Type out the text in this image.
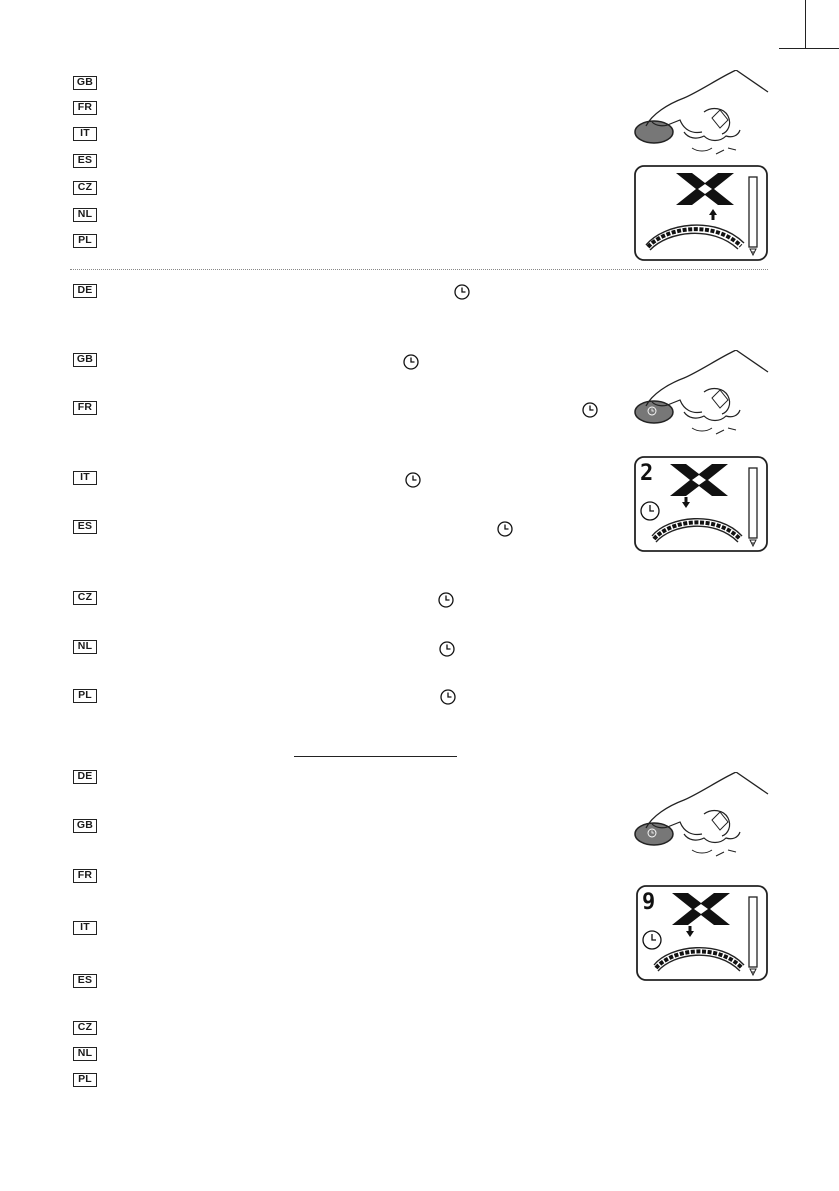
GB
FR
IT
ES
CZ
NL
PL
DE
GB
FR
IT
ES
CZ
NL
PL
2
DE
GB
FR
IT
ES
CZ
NL
PL
9
